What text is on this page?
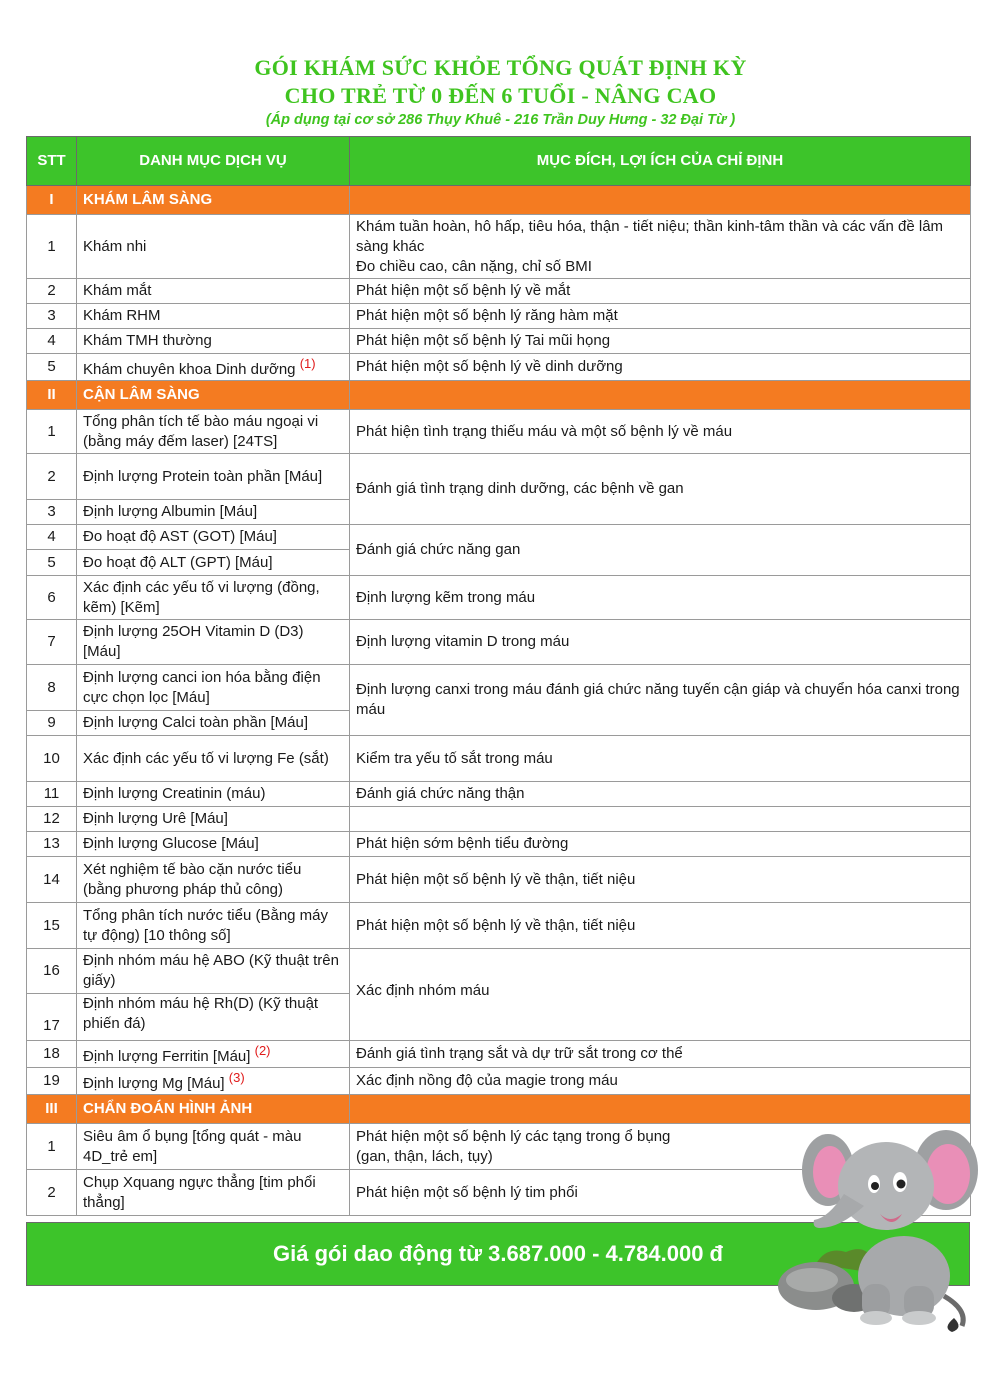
GÓI KHÁM SỨC KHỎE TỔNG QUÁT ĐỊNH KỲ
CHO TRẺ TỪ 0 ĐẾN 6 TUỔI - NÂNG CAO
(Áp dụng tại cơ sở 286 Thụy Khuê - 216 Trần Duy Hưng - 32 Đại Từ )
STT	DANH MỤC DỊCH VỤ	MỤC ĐÍCH, LỢI ÍCH CỦA CHỈ ĐỊNH
I	KHÁM LÂM SÀNG	
1	Khám nhi	Khám tuần hoàn, hô hấp, tiêu hóa, thận - tiết niệu; thần kinh-tâm thần và các vấn đề lâm sàng khác
Đo chiều cao, cân nặng, chỉ số BMI
2	Khám mắt	Phát hiện một số bệnh lý về mắt
3	Khám RHM	Phát hiện một số bệnh lý răng hàm mặt
4	Khám TMH thường	Phát hiện một số bệnh lý Tai mũi họng
5	Khám chuyên khoa Dinh dưỡng $^{(1)}$	Phát hiện một số bệnh lý về dinh dưỡng
II	CẬN LÂM SÀNG	
1	Tổng phân tích tế bào máu ngoại vi (bằng máy đếm laser) [24TS]	Phát hiện tình trạng thiếu máu và một số bệnh lý về máu
2	Định lượng Protein toàn phần [Máu]	Đánh giá tình trạng dinh dưỡng, các bệnh về gan
3	Định lượng Albumin [Máu]	
4	Đo hoạt độ AST (GOT) [Máu]	Đánh giá chức năng gan
5	Đo hoạt độ ALT (GPT) [Máu]	
6	Xác định các yếu tố vi lượng (đồng, kẽm) [Kẽm]	Định lượng kẽm trong máu
7	Định lượng 25OH Vitamin D (D3) [Máu]	Định lượng vitamin D trong máu
8	Định lượng canci ion hóa bằng điện cực chọn lọc [Máu]	Định lượng canxi trong máu đánh giá chức năng tuyến cận giáp và chuyển hóa canxi trong máu
9	Định lượng Calci toàn phần [Máu]	
10	Xác định các yếu tố vi lượng Fe (sắt)	Kiểm tra yếu tố sắt trong máu
11	Định lượng Creatinin (máu)	Đánh giá chức năng thận
12	Định lượng Urê [Máu]	
13	Định lượng Glucose [Máu]	Phát hiện sớm bệnh tiểu đường
14	Xét nghiệm tế bào cặn nước tiểu (bằng phương pháp thủ công)	Phát hiện một số bệnh lý về thận, tiết niệu
15	Tổng phân tích nước tiểu (Bằng máy tự động) [10 thông số]	Phát hiện một số bệnh lý về thận, tiết niệu
16	Định nhóm máu hệ ABO (Kỹ thuật trên giấy)	Xác định nhóm máu
17	Định nhóm máu hệ Rh(D) (Kỹ thuật phiến đá)	
18	Định lượng Ferritin [Máu] $^{(2)}$	Đánh giá tình trạng sắt và dự trữ sắt trong cơ thể
19	Định lượng Mg [Máu] $^{(3)}$	Xác định nồng độ của magie trong máu
III	CHẨN ĐOÁN HÌNH ẢNH	
1	Siêu âm ổ bụng [tổng quát - màu 4D_trẻ em]	Phát hiện một số bệnh lý các tạng trong ổ bụng
(gan, thận, lách, tụy)
2	Chụp Xquang ngực thẳng [tim phổi thẳng]	Phát hiện một số bệnh lý tim phổi
Giá gói dao động từ 3.687.000 - 4.784.000 đ
